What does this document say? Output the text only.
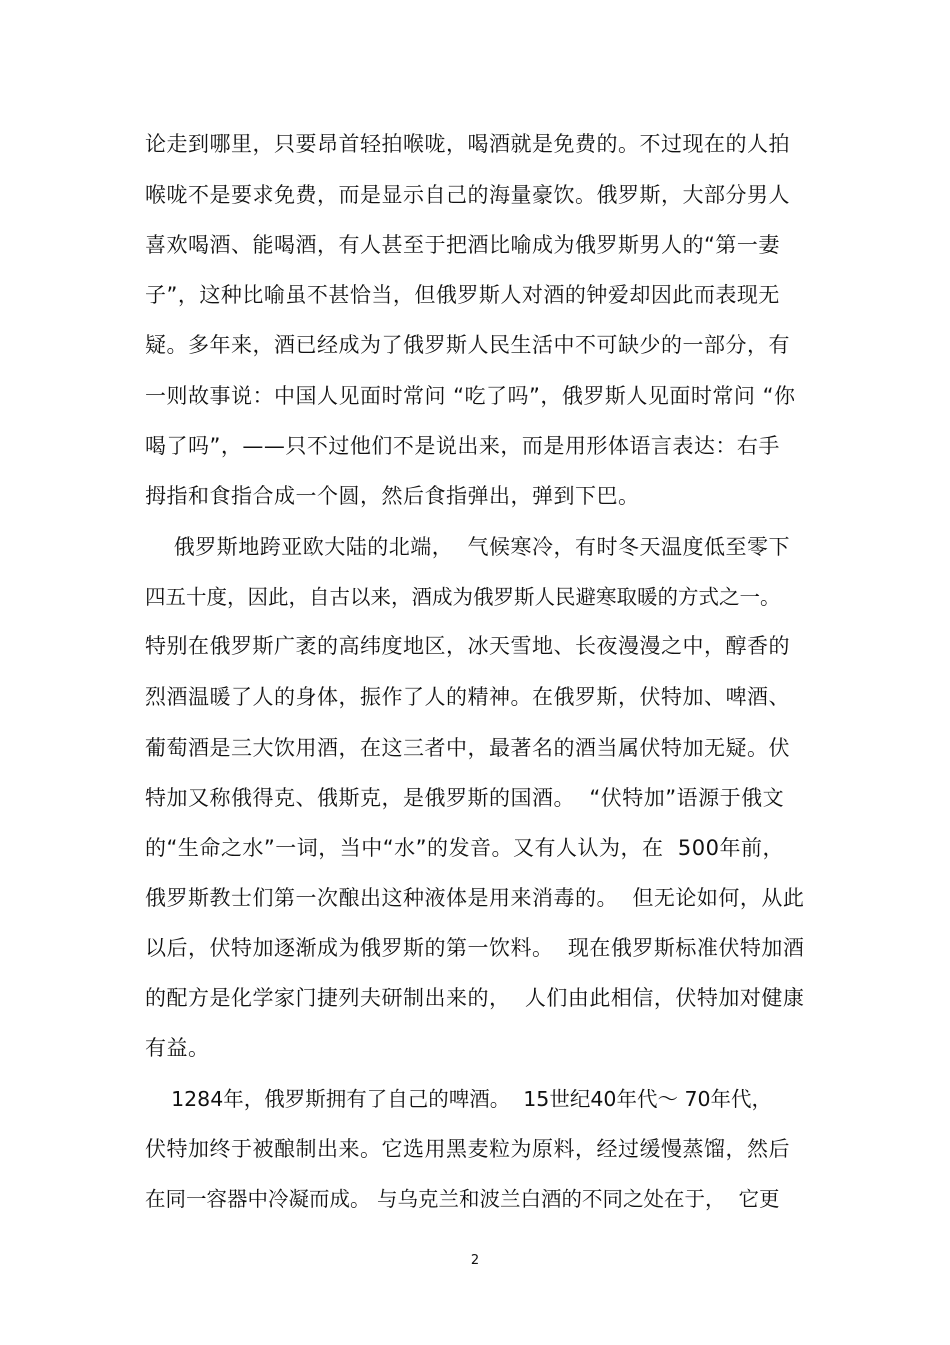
论走到哪里，只要昂首轻拍喉咙，喝酒就是免费的。不过现在的人拍
喉咙不是要求免费，而是显示自己的海量豪饮。俄罗斯，大部分男人
喜欢喝酒、能喝酒，有人甚至于把酒比喻成为俄罗斯男人的“第一妻
子”，这种比喻虽不甚恰当，但俄罗斯人对酒的钟爱却因此而表现无
疑。多年来，酒已经成为了俄罗斯人民生活中不可缺少的一部分，有
一则故事说：中国人见面时常问 “吃了吗”，俄罗斯人见面时常问 “你
喝了吗”，——只不过他们不是说出来，而是用形体语言表达：右手
拇指和食指合成一个圆，然后食指弹出，弹到下巴。
俄罗斯地跨亚欧大陆的北端，  气候寒冷，有时冬天温度低至零下
四五十度，因此，自古以来，酒成为俄罗斯人民避寒取暖的方式之一。
特别在俄罗斯广袤的高纬度地区，冰天雪地、长夜漫漫之中，醇香的
烈酒温暖了人的身体，振作了人的精神。在俄罗斯，伏特加、啤酒、
葡萄酒是三大饮用酒，在这三者中，最著名的酒当属伏特加无疑。伏
特加又称俄得克、俄斯克，是俄罗斯的国酒。  “伏特加”语源于俄文
的“生命之水”一词，当中“水”的发音。又有人认为，在  500年前，
俄罗斯教士们第一次酿出这种液体是用来消毒的。  但无论如何，从此
以后，伏特加逐渐成为俄罗斯的第一饮料。  现在俄罗斯标准伏特加酒
的配方是化学家门捷列夫研制出来的，  人们由此相信，伏特加对健康
有益。
1284年，俄罗斯拥有了自己的啤酒。  15世纪40年代～ 70年代，
伏特加终于被酿制出来。它选用黑麦粒为原料，经过缓慢蒸馏，然后
在同一容器中冷凝而成。 与乌克兰和波兰白酒的不同之处在于，  它更
2
